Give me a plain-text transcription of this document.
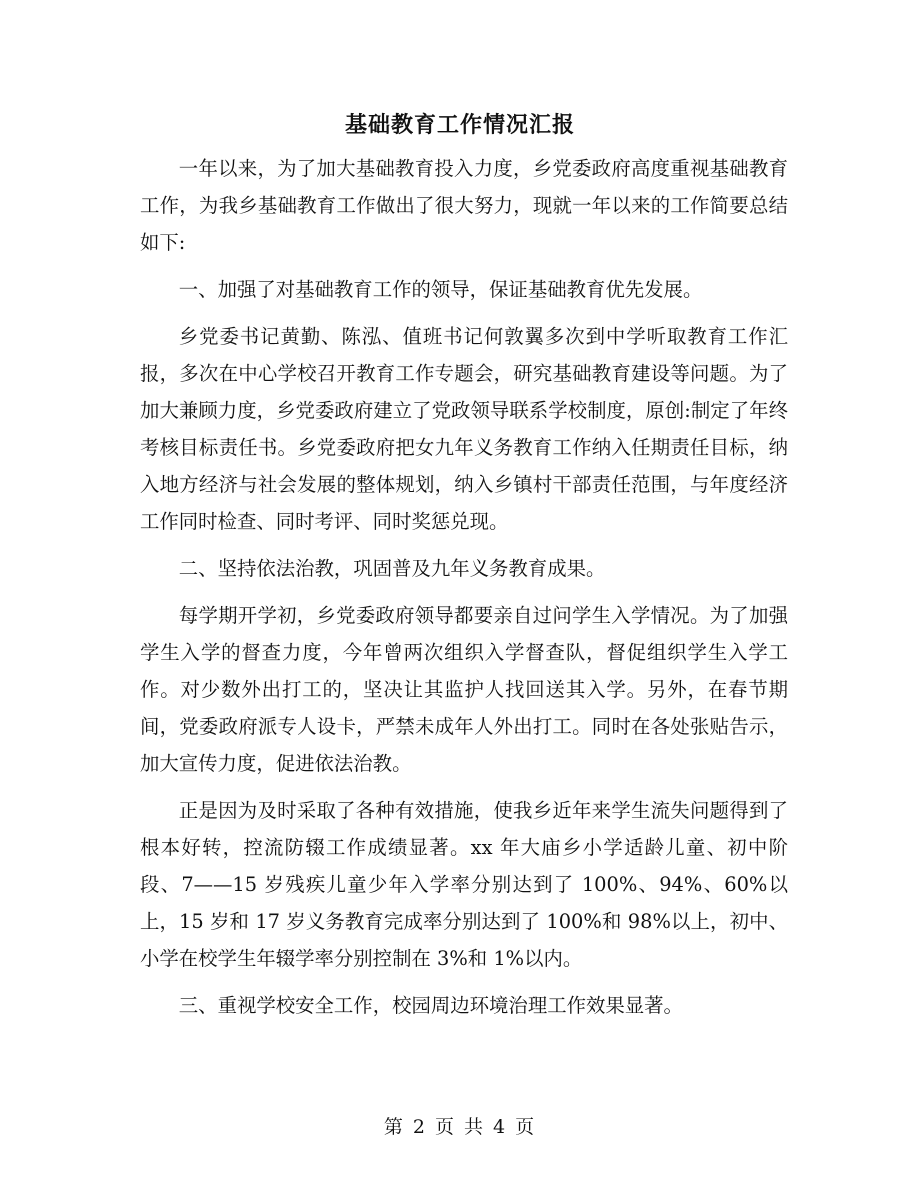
基础教育工作情况汇报

一年以来，为了加大基础教育投入力度，乡党委政府高度重视基础教育工作，为我乡基础教育工作做出了很大努力，现就一年以来的工作简要总结如下:

一、加强了对基础教育工作的领导，保证基础教育优先发展。

乡党委书记黄勤、陈泓、值班书记何敦翼多次到中学听取教育工作汇报，多次在中心学校召开教育工作专题会，研究基础教育建设等问题。为了加大兼顾力度，乡党委政府建立了党政领导联系学校制度，原创:制定了年终考核目标责任书。乡党委政府把女九年义务教育工作纳入任期责任目标，纳入地方经济与社会发展的整体规划，纳入乡镇村干部责任范围，与年度经济工作同时检查、同时考评、同时奖惩兑现。

二、坚持依法治教，巩固普及九年义务教育成果。

每学期开学初，乡党委政府领导都要亲自过问学生入学情况。为了加强学生入学的督查力度，今年曾两次组织入学督查队，督促组织学生入学工作。对少数外出打工的，坚决让其监护人找回送其入学。另外，在春节期间，党委政府派专人设卡，严禁未成年人外出打工。同时在各处张贴告示，加大宣传力度，促进依法治教。

正是因为及时采取了各种有效措施，使我乡近年来学生流失问题得到了根本好转，控流防辍工作成绩显著。xx 年大庙乡小学适龄儿童、初中阶段、7——15 岁残疾儿童少年入学率分别达到了 100%、94%、60%以上，15 岁和 17 岁义务教育完成率分别达到了 100%和 98%以上，初中、小学在校学生年辍学率分别控制在 3%和 1%以内。

三、重视学校安全工作，校园周边环境治理工作效果显著。

第 2 页 共 4 页
